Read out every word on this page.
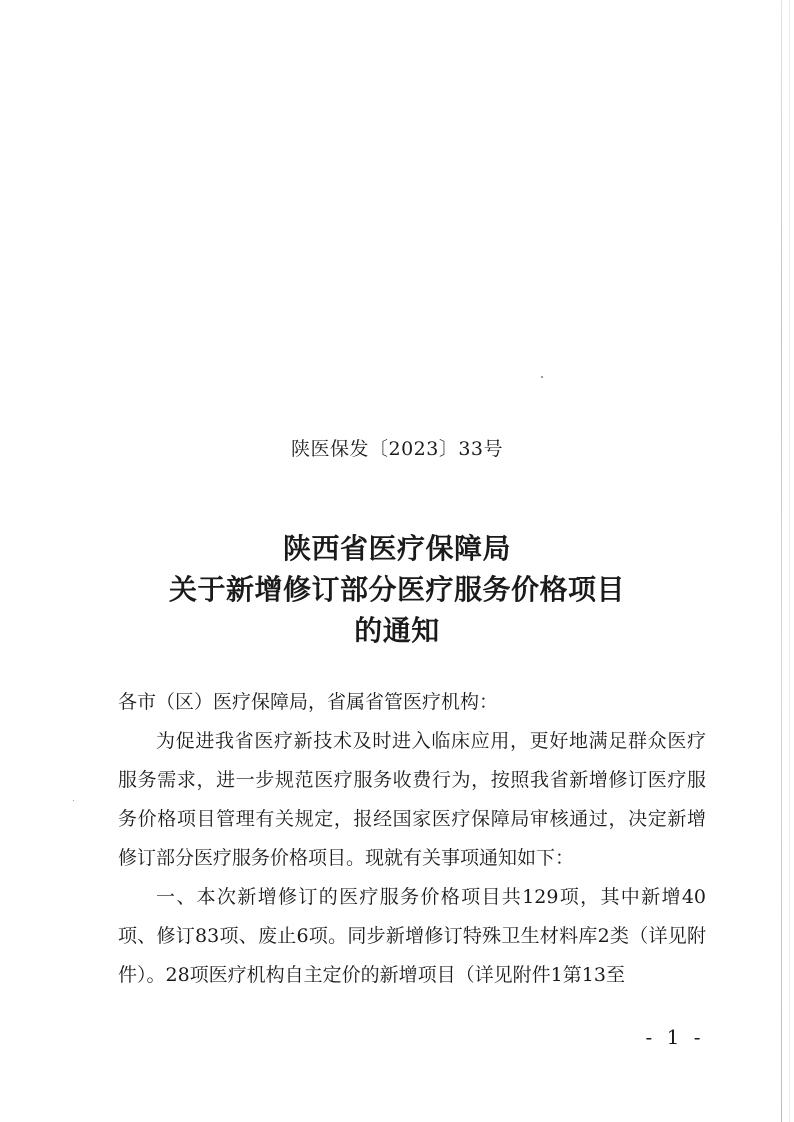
陕医保发〔2023〕33号
陕西省医疗保障局
关于新增修订部分医疗服务价格项目
的通知

各市（区）医疗保障局，省属省管医疗机构：

为促进我省医疗新技术及时进入临床应用，更好地满足群众医疗服务需求，进一步规范医疗服务收费行为，按照我省新增修订医疗服务价格项目管理有关规定，报经国家医疗保障局审核通过，决定新增修订部分医疗服务价格项目。现就有关事项通知如下：

一、本次新增修订的医疗服务价格项目共129项，其中新增40项、修订83项、废止6项。同步新增修订特殊卫生材料库2类（详见附件）。28项医疗机构自主定价的新增项目（详见附件1第13至

- 1 -
